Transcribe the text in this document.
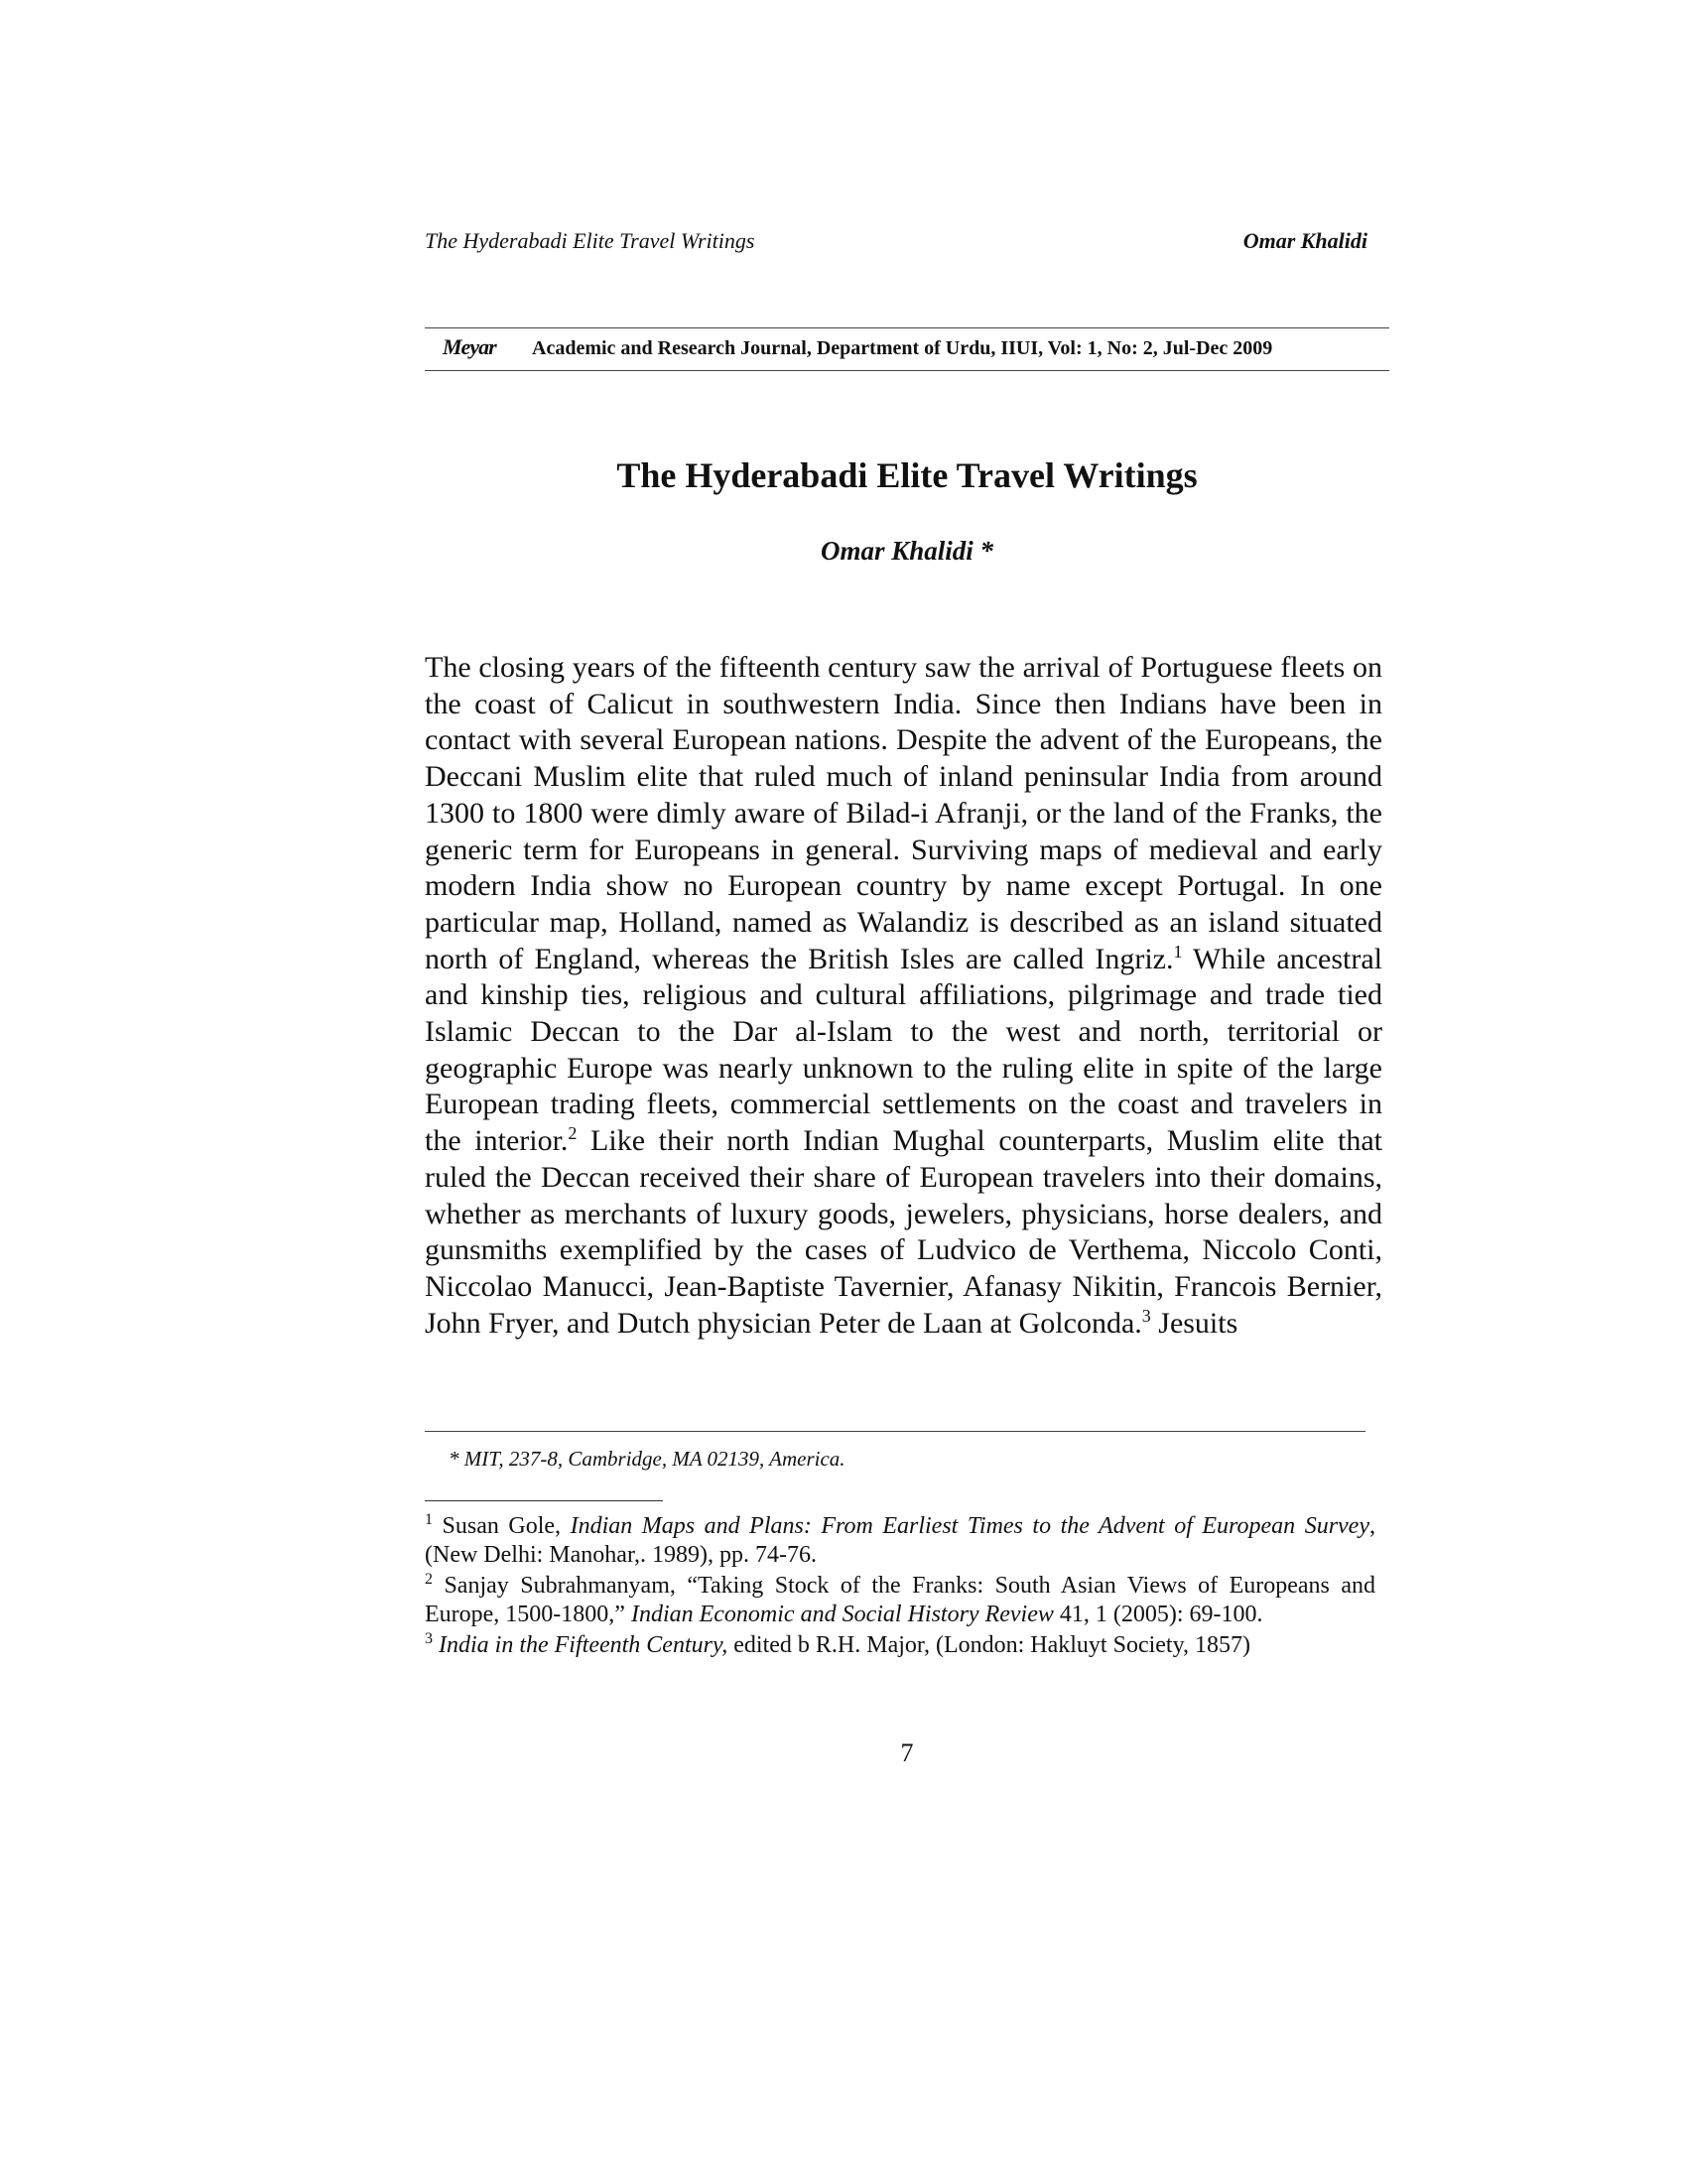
The Hyderabadi Elite Travel Writings	Omar Khalidi
Meyar Academic and Research Journal, Department of Urdu, IIUI, Vol: 1, No: 2, Jul-Dec 2009
The Hyderabadi Elite Travel Writings
Omar Khalidi *

The closing years of the fifteenth century saw the arrival of Portuguese fleets on the coast of Calicut in southwestern India. Since then Indians have been in contact with several European nations. Despite the advent of the Europeans, the Deccani Muslim elite that ruled much of inland peninsular India from around 1300 to 1800 were dimly aware of Bilad-i Afranji, or the land of the Franks, the generic term for Europeans in general. Surviving maps of medieval and early modern India show no European country by name except Portugal. In one particular map, Holland, named as Walandiz is described as an island situated north of England, whereas the British Isles are called Ingriz.$^1$ While ancestral and kinship ties, religious and cultural affiliations, pilgrimage and trade tied Islamic Deccan to the Dar al-Islam to the west and north, territorial or geographic Europe was nearly unknown to the ruling elite in spite of the large European trading fleets, commercial settlements on the coast and travelers in the interior.$^2$ Like their north Indian Mughal counterparts, Muslim elite that ruled the Deccan received their share of European travelers into their domains, whether as merchants of luxury goods, jewelers, physicians, horse dealers, and gunsmiths exemplified by the cases of Ludvico de Verthema, Niccolo Conti, Niccolao Manucci, Jean-Baptiste Tavernier, Afanasy Nikitin, Francois Bernier, John Fryer, and Dutch physician Peter de Laan at Golconda.$^3$ Jesuits

* MIT, 237-8, Cambridge, MA 02139, America.

$^1$ Susan Gole, Indian Maps and Plans: From Earliest Times to the Advent of European Survey, (New Delhi: Manohar,. 1989), pp. 74-76.

$^2$ Sanjay Subrahmanyam, “Taking Stock of the Franks: South Asian Views of Europeans and Europe, 1500-1800,” Indian Economic and Social History Review 41, 1 (2005): 69-100.

$^3$ India in the Fifteenth Century, edited b R.H. Major, (London: Hakluyt Society, 1857)

7
